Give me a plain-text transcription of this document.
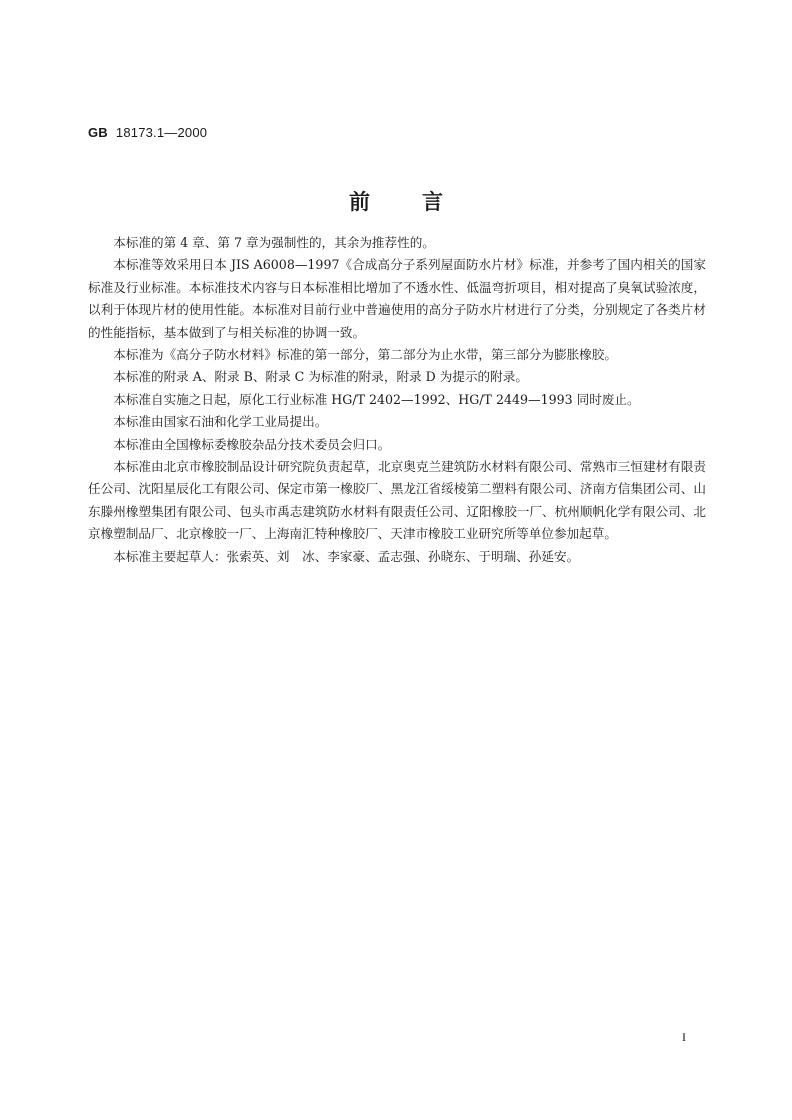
GB 18173.1—2000
前言

本标准的第 4 章、第 7 章为强制性的，其余为推荐性的。

本标准等效采用日本 JIS A6008—1997《合成高分子系列屋面防水片材》标准，并参考了国内相关的国家标准及行业标准。本标准技术内容与日本标准相比增加了不透水性、低温弯折项目，相对提高了臭氧试验浓度，以利于体现片材的使用性能。本标准对目前行业中普遍使用的高分子防水片材进行了分类，分别规定了各类片材的性能指标，基本做到了与相关标准的协调一致。

本标准为《高分子防水材料》标准的第一部分，第二部分为止水带，第三部分为膨胀橡胶。

本标准的附录 A、附录 B、附录 C 为标准的附录，附录 D 为提示的附录。

本标准自实施之日起，原化工行业标准 HG/T 2402—1992、HG/T 2449—1993 同时废止。

本标准由国家石油和化学工业局提出。

本标准由全国橡标委橡胶杂品分技术委员会归口。

本标准由北京市橡胶制品设计研究院负责起草，北京奥克兰建筑防水材料有限公司、常熟市三恒建材有限责任公司、沈阳星辰化工有限公司、保定市第一橡胶厂、黑龙江省绥棱第二塑料有限公司、济南方信集团公司、山东滕州橡塑集团有限公司、包头市禹志建筑防水材料有限责任公司、辽阳橡胶一厂、杭州顺帆化学有限公司、北京橡塑制品厂、北京橡胶一厂、上海南汇特种橡胶厂、天津市橡胶工业研究所等单位参加起草。

本标准主要起草人：张索英、刘　冰、李家豪、孟志强、孙晓东、于明瑞、孙延安。

I
